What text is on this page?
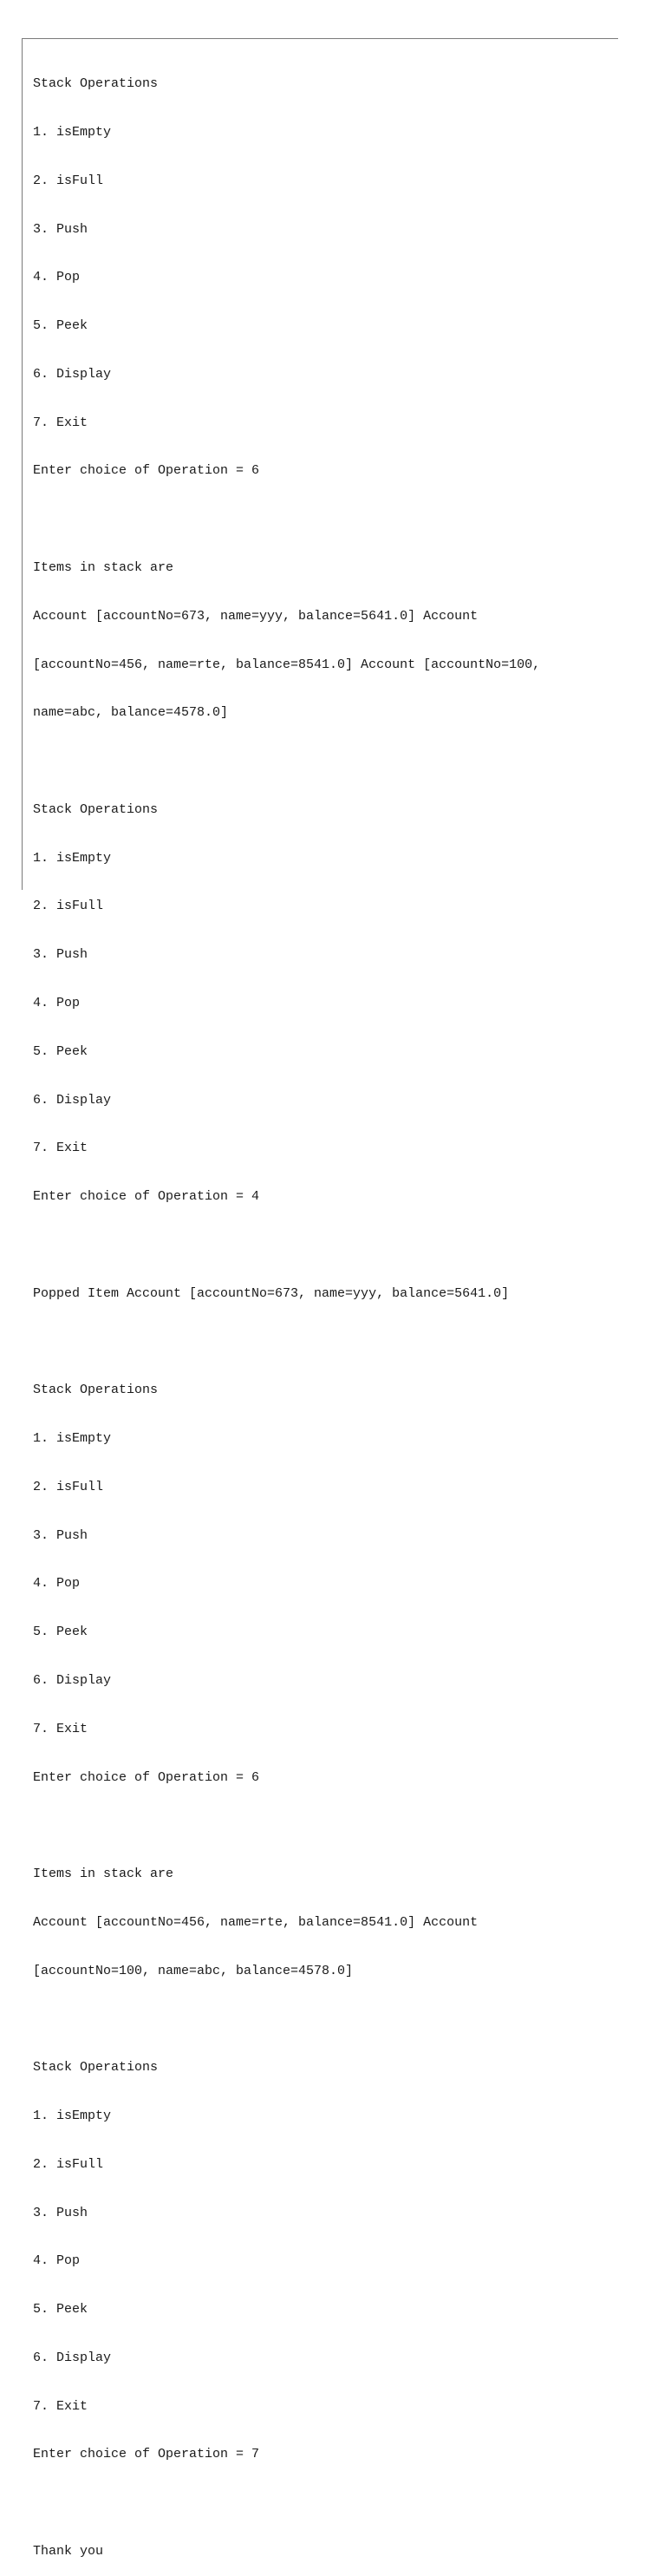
Stack Operations

1. isEmpty

2. isFull

3. Push

4. Pop

5. Peek

6. Display

7. Exit

Enter choice of Operation = 6

Items in stack are

Account [accountNo=673, name=yyy, balance=5641.0] Account

[accountNo=456, name=rte, balance=8541.0] Account [accountNo=100,

name=abc, balance=4578.0]

Stack Operations

1. isEmpty

2. isFull

3. Push

4. Pop

5. Peek

6. Display

7. Exit

Enter choice of Operation = 4

Popped Item Account [accountNo=673, name=yyy, balance=5641.0]

Stack Operations

1. isEmpty

2. isFull

3. Push

4. Pop

5. Peek

6. Display

7. Exit

Enter choice of Operation = 6

Items in stack are

Account [accountNo=456, name=rte, balance=8541.0] Account

[accountNo=100, name=abc, balance=4578.0]

Stack Operations

1. isEmpty

2. isFull

3. Push

4. Pop

5. Peek

6. Display

7. Exit

Enter choice of Operation = 7

Thank you
